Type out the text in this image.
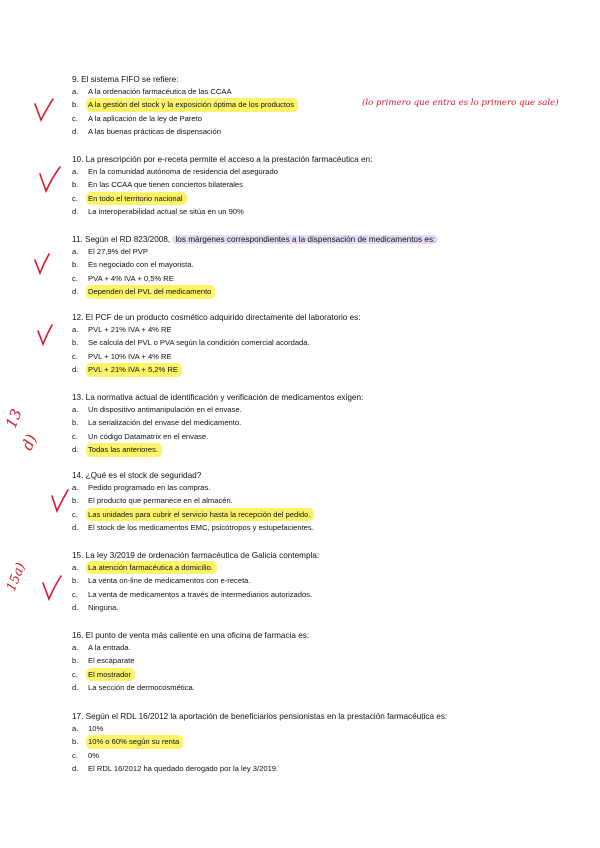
9. El sistema FIFO se refiere:

a. A la ordenación farmacéutica de las CCAA
b. A la gestión del stock y la exposición óptima de los productos
c. A la aplicación de la ley de Pareto
d. A las buenas prácticas de dispensación

10. La prescripción por e-receta permite el acceso a la prestación farmacéutica en:

a. En la comunidad autónoma de residencia del asegurado
b. En las CCAA que tienen conciertos bilaterales
c. En todo el territorio nacional
d. La interoperabilidad actual se sitúa en un 90%

11. Según el RD 823/2008, los márgenes correspondientes a la dispensación de medicamentos es:

a. El 27,9% del PVP
b. Es negociado con el mayorista.
c. PVA + 4% IVA + 0,5% RE
d. Dependen del PVL del medicamento

12. El PCF de un producto cosmético adquirido directamente del laboratorio es:

a. PVL + 21% IVA + 4% RE
b. Se calcula del PVL o PVA según la condición comercial acordada.
c. PVL + 10% IVA + 4% RE
d. PVL + 21% IVA + 5,2% RE

13. La normativa actual de identificación y verificación de medicamentos exigen:

a. Un dispositivo antimanipulación en el envase.
b. La serialización del envase del medicamento.
c. Un código Datamatrix en el envase.
d. Todas las anteriores.

14. ¿Qué es el stock de seguridad?

a. Pedido programado en las compras.
b. El producto que permanece en el almacén.
c. Las unidades para cubrir el servicio hasta la recepción del pedido.
d. El stock de los medicamentos EMC, psicótropos y estupefacientes.

15. La ley 3/2019 de ordenación farmacéutica de Galicia contempla:

a. La atención farmacéutica a domicilio.
b. La venta on-line de medicamentos con e-receta.
c. La venta de medicamentos a través de intermediarios autorizados.
d. Ninguna.

16. El punto de venta más caliente en una oficina de farmacia es:

a. A la entrada.
b. El escaparate
c. El mostrador
d. La sección de dermocosmética.

17. Según el RDL 16/2012 la aportación de beneficiarios pensionistas en la prestación farmacéutica es:

a. 10%
b. 10% o 60% según su renta
c. 0%
d. El RDL 16/2012 ha quedado derogado por la ley 3/2019.
(lo primero que entra es lo primero que sale)
13
d)
15a)
